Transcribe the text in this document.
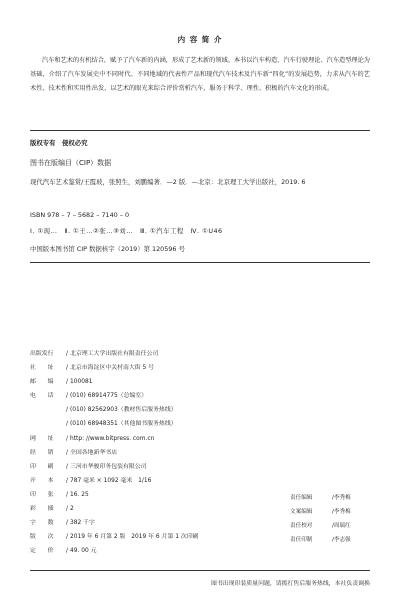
内 容 简 介
汽车和艺术的有机结合，赋予了汽车新的内涵，形成了艺术新的领域。本书以汽车构造、汽车行驶理论、汽车造型理论为基础，介绍了汽车发展史中不同时代、不同地域的代表性产品和现代汽车技术及汽车新“四化”的发展趋势，力求从汽车的艺术性、技术性和实用性出发，以艺术的眼光来综合评价赏析汽车，服务于科学、理性、积极的汽车文化的形成。
版权专有　侵权必究
图书在版编目（CIP）数据
现代汽车艺术鉴赏/王霞玻，张照生，刘鹏编著．—2 版．—北京：北京理工大学出版社，2019. 6
ISBN 978 – 7 – 5682 – 7140 – 0
Ⅰ. ①现…　Ⅱ. ①王…②张…③刘…　Ⅲ. ①汽车工程　Ⅳ. ①U46
中国版本图书馆 CIP 数据核字（2019）第 120596 号
出版发行 / 北京理工大学出版社有限责任公司
社　　址 / 北京市海淀区中关村南大街 5 号
邮　　编 / 100081
电　　话 / (010) 68914775（总编室）
/ (010) 82562903（教材售后服务热线）
/ (010) 68948351（其他图书服务热线）
网　　址 / http: //www.bitpress. com.cn
经　　销 / 全国各地新华书店
印　　刷 / 三河市华骏印务包装有限公司
开　　本 / 787 毫米 × 1092 毫米　1/16
印　　张 / 16. 25
彩　　插 / 2
字　　数 / 382 千字
版　　次 / 2019 年 6 月第 2 版　2019 年 6 月第 1 次印刷
定　　价 / 49. 00 元
责任编辑	/李秀梅
文案编辑	/李秀梅
责任校对	/周瑞红
责任印制	/李志强
图书出现印装质量问题，请拨打售后服务热线，本社负责调换
